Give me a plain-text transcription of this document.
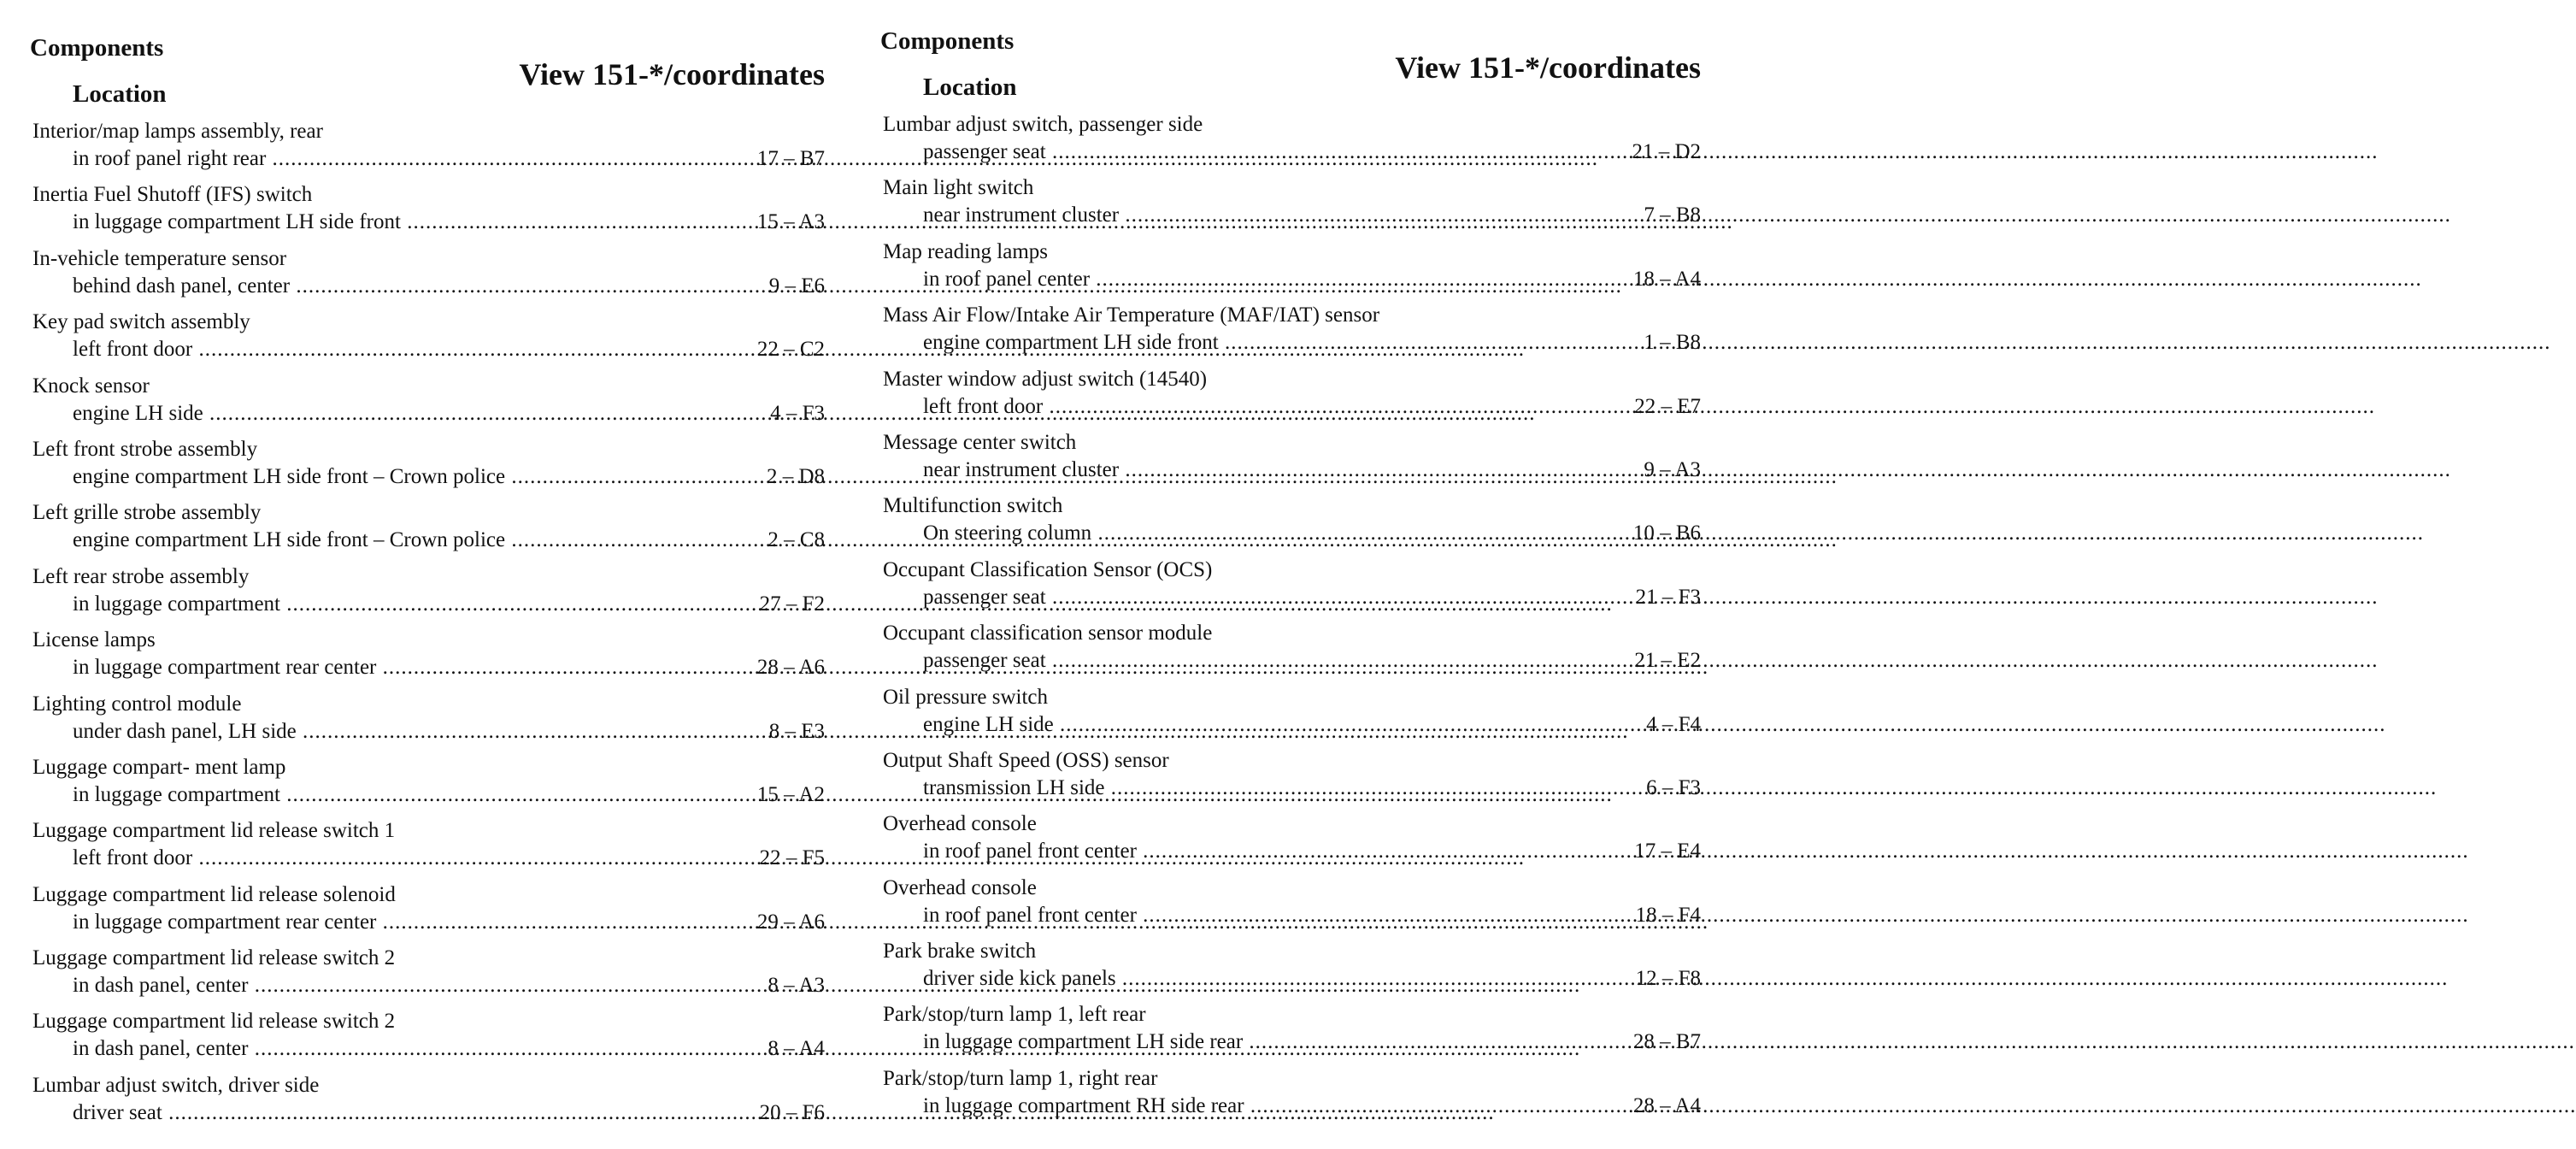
Components
Location
View 151-*/coordinates
Interior/map lamps assembly, rear
in roof panel right rear .....	17 – B7
Inertia Fuel Shutoff (IFS) switch
in luggage compartment LH side front .....	15 – A3
In-vehicle temperature sensor
behind dash panel, center .....	9 – E6
Key pad switch assembly
left front door .....	22 – C2
Knock sensor
engine LH side .....	4 – F3
Left front strobe assembly
engine compartment LH side front – Crown police .....	2 – D8
Left grille strobe assembly
engine compartment LH side front – Crown police .....	2 – C8
Left rear strobe assembly
in luggage compartment .....	27 – F2
License lamps
in luggage compartment rear center .....	28 – A6
Lighting control module
under dash panel, LH side .....	8 – E3
Luggage compart- ment lamp
in luggage compartment .....	15 – A2
Luggage compartment lid release switch 1
left front door .....	22 – F5
Luggage compartment lid release solenoid
in luggage compartment rear center .....	29 – A6
Luggage compartment lid release switch 2
in dash panel, center .....	8 – A3
Luggage compartment lid release switch 2
in dash panel, center .....	8 – A4
Lumbar adjust switch, driver side
driver seat .....	20 – F6
Components
Location
View 151-*/coordinates
Lumbar adjust switch, passenger side
passenger seat .....	21 – D2
Main light switch
near instrument cluster .....	7 – B8
Map reading lamps
in roof panel center .....	18 – A4
Mass Air Flow/Intake Air Temperature (MAF/IAT) sensor
engine compartment LH side front .....	1 – B8
Master window adjust switch (14540)
left front door .....	22 – E7
Message center switch
near instrument cluster .....	9 – A3
Multifunction switch
On steering column .....	10 – B6
Occupant Classification Sensor (OCS)
passenger seat .....	21 – F3
Occupant classification sensor module
passenger seat .....	21 – E2
Oil pressure switch
engine LH side .....	4 – F4
Output Shaft Speed (OSS) sensor
transmission LH side .....	6 – F3
Overhead console
in roof panel front center .....	17 – E4
Overhead console
in roof panel front center .....	18 – F4
Park brake switch
driver side kick panels .....	12 – F8
Park/stop/turn lamp 1, left rear
in luggage compartment LH side rear .....	28 – B7
Park/stop/turn lamp 1, right rear
in luggage compartment RH side rear .....	28 – A4
